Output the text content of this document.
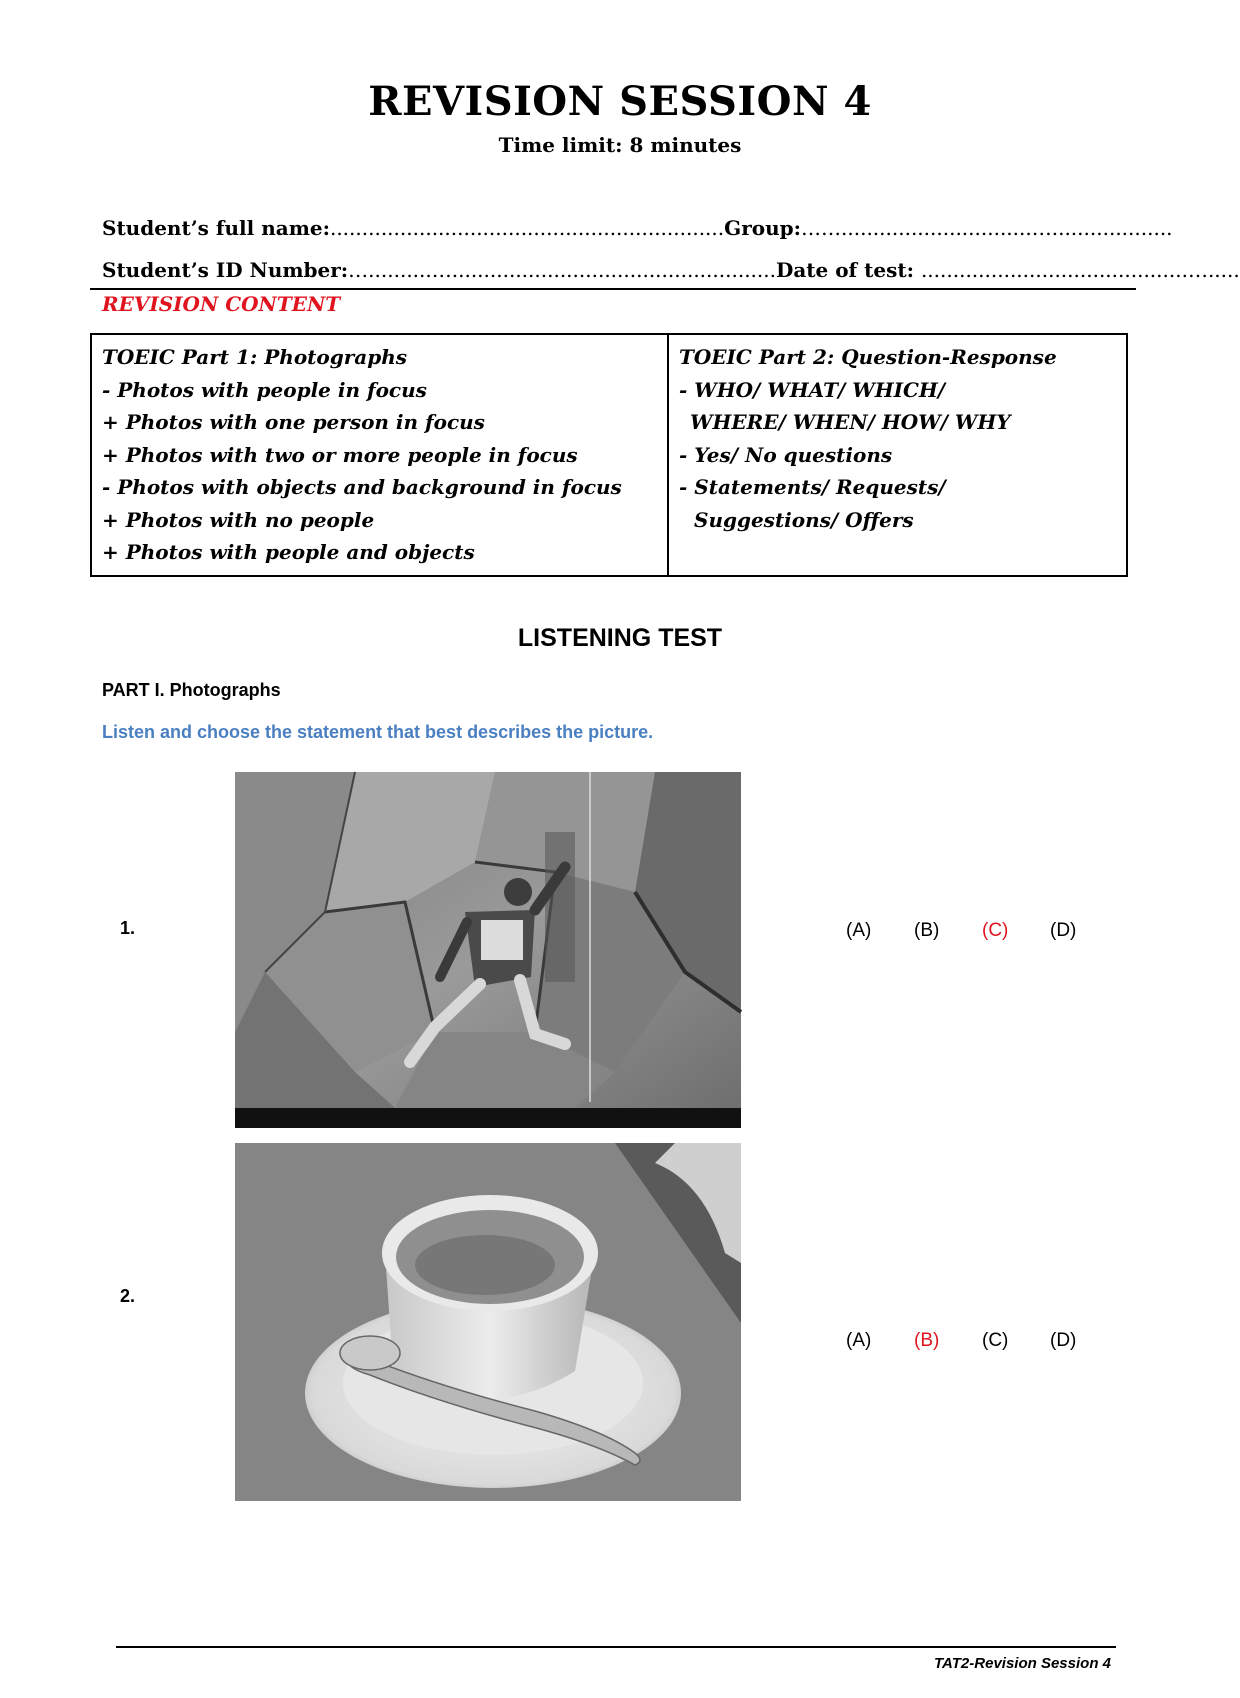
REVISION SESSION 4
Time limit: 8 minutes
Student’s full name:..............................................................Group:……..............................…...................
Student’s ID Number:…..........…...................................................Date of test: ..........................................….....
REVISION CONTENT
TOEIC Part 1: Photographs
- Photos with people in focus
+ Photos with one person in focus
+ Photos with two or more people in focus
- Photos with objects and background in focus
+ Photos with no people
+ Photos with people and objects
TOEIC Part 2: Question-Response
- WHO/ WHAT/ WHICH/
WHERE/ WHEN/ HOW/ WHY
- Yes/ No questions
- Statements/ Requests/
Suggestions/ Offers
LISTENING TEST
PART I. Photographs
Listen and choose the statement that best describes the picture.
1.	(A) (B) (C) (D)
2.
(A) (B) (C) (D)
TAT2-Revision Session 4
